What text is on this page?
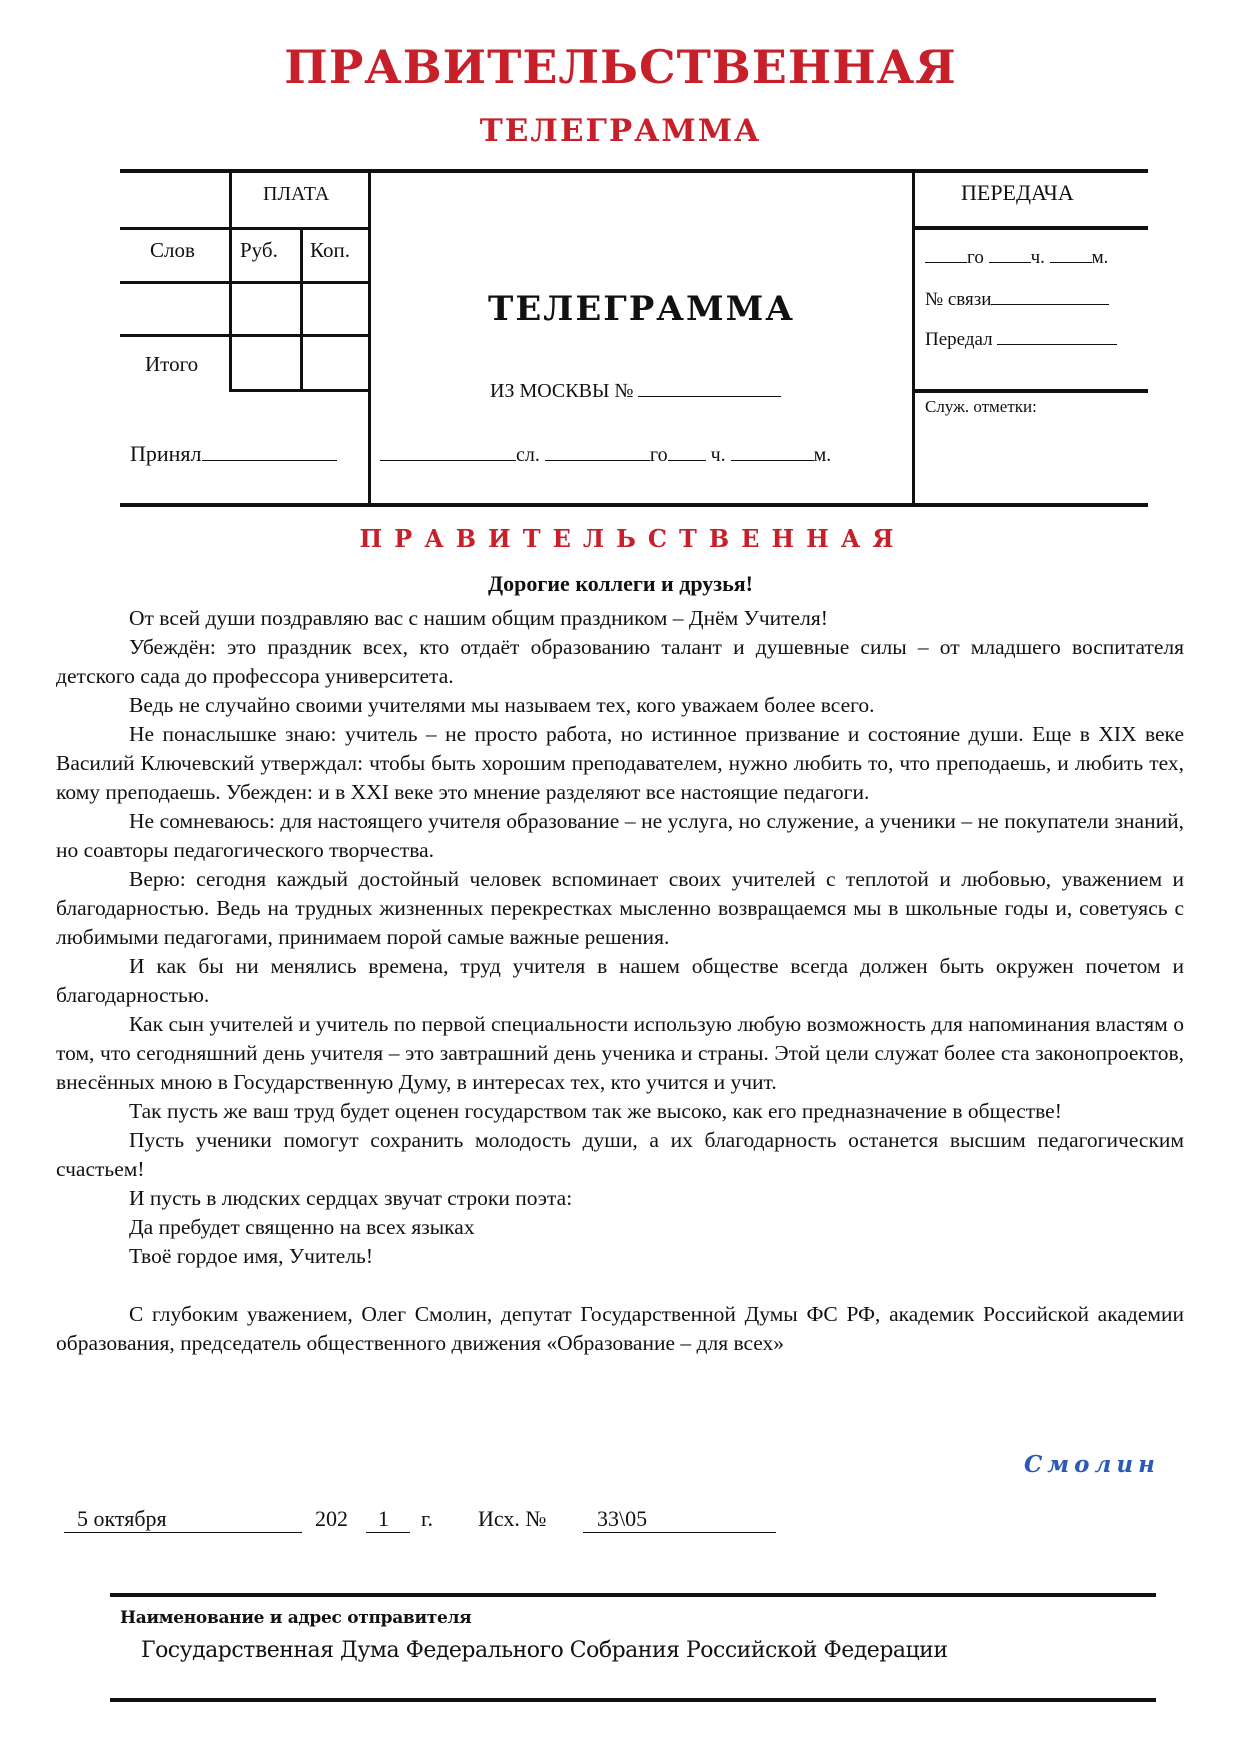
ПРАВИТЕЛЬСТВЕННАЯ
ТЕЛЕГРАММА
ПЛАТА
Слов Руб. Коп.
Итого
Принял
ТЕЛЕГРАММА
ИЗ МОСКВЫ №
сл.	го ч.	м.
ПЕРЕДАЧА
го ч. м.
№ связи
Передал
Служ. отметки:
ПРАВИТЕЛЬСТВЕННАЯ
Дорогие коллеги и друзья!

От всей души поздравляю вас с нашим общим праздником – Днём Учителя!

Убеждён: это праздник всех, кто отдаёт образованию талант и душевные силы – от младшего воспитателя детского сада до профессора университета.

Ведь не случайно своими учителями мы называем тех, кого уважаем более всего.

Не понаслышке знаю: учитель – не просто работа, но истинное призвание и состояние души. Еще в XIX веке Василий Ключевский утверждал: чтобы быть хорошим преподавателем, нужно любить то, что преподаешь, и любить тех, кому преподаешь. Убежден: и в XXI веке это мнение разделяют все настоящие педагоги.

Не сомневаюсь: для настоящего учителя образование – не услуга, но служение, а ученики – не покупатели знаний, но соавторы педагогического творчества.

Верю: сегодня каждый достойный человек вспоминает своих учителей с теплотой и любовью, уважением и благодарностью. Ведь на трудных жизненных перекрестках мысленно возвращаемся мы в школьные годы и, советуясь с любимыми педагогами, принимаем порой самые важные решения.

И как бы ни менялись времена, труд учителя в нашем обществе всегда должен быть окружен почетом и благодарностью.

Как сын учителей и учитель по первой специальности использую любую возможность для напоминания властям о том, что сегодняшний день учителя – это завтрашний день ученика и страны. Этой цели служат более ста законопроектов, внесённых мною в Государственную Думу, в интересах тех, кто учится и учит.

Так пусть же ваш труд будет оценен государством так же высоко, как его предназначение в обществе!

Пусть ученики помогут сохранить молодость души, а их благодарность останется высшим педагогическим счастьем!

И пусть в людских сердцах звучат строки поэта:

Да пребудет священно на всех языках

Твоё гордое имя, Учитель!

С глубоким уважением, Олег Смолин, депутат Государственной Думы ФС РФ, академик Российской академии образования, председатель общественного движения «Образование – для всех»

Смолин
5 октября	202 1 г. Исх. № 33\05
Наименование и адрес отправителя
Государственная Дума Федерального Собрания Российской Федерации
